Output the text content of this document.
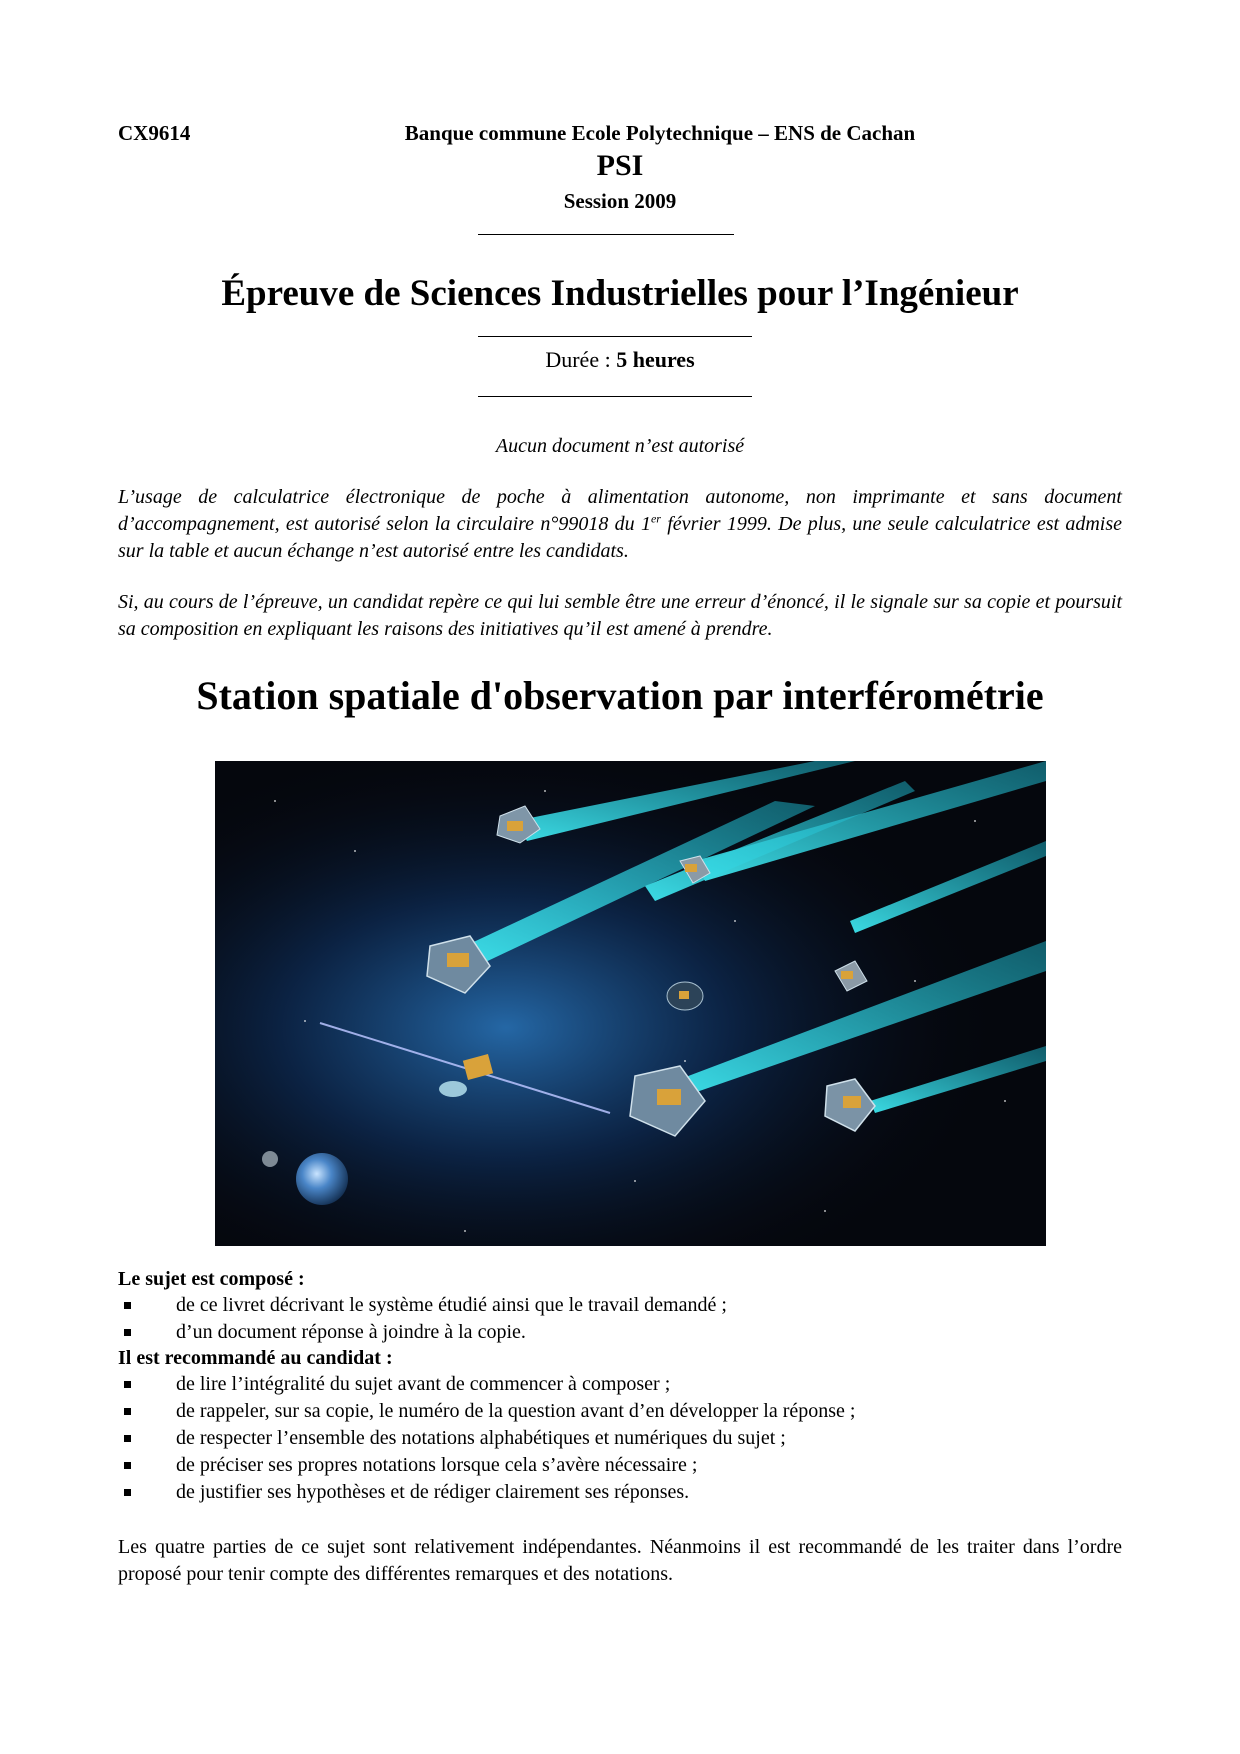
CX9614	Banque commune Ecole Polytechnique – ENS de Cachan
PSI
Session 2009
Épreuve de Sciences Industrielles pour l’Ingénieur
Durée : 5 heures
Aucun document n’est autorisé
L’usage de calculatrice électronique de poche à alimentation autonome, non imprimante et sans document d’accompagnement, est autorisé selon la circulaire n°99018 du 1er février 1999. De plus, une seule calculatrice est admise sur la table et aucun échange n’est autorisé entre les candidats.
Si, au cours de l’épreuve, un candidat repère ce qui lui semble être une erreur d’énoncé, il le signale sur sa copie et poursuit sa composition en expliquant les raisons des initiatives qu’il est amené à prendre.
Station spatiale d'observation par interférométrie
Le sujet est composé :
de ce livret décrivant le système étudié ainsi que le travail demandé ;
d’un document réponse à joindre à la copie.
Il est recommandé au candidat :
de lire l’intégralité du sujet avant de commencer à composer ;
de rappeler, sur sa copie, le numéro de la question avant d’en développer la réponse ;
de respecter l’ensemble des notations alphabétiques et numériques du sujet ;
de préciser ses propres notations lorsque cela s’avère nécessaire ;
de justifier ses hypothèses et de rédiger clairement ses réponses.
Les quatre parties de ce sujet sont relativement indépendantes. Néanmoins il est recommandé de les traiter dans l’ordre proposé pour tenir compte des différentes remarques et des notations.
